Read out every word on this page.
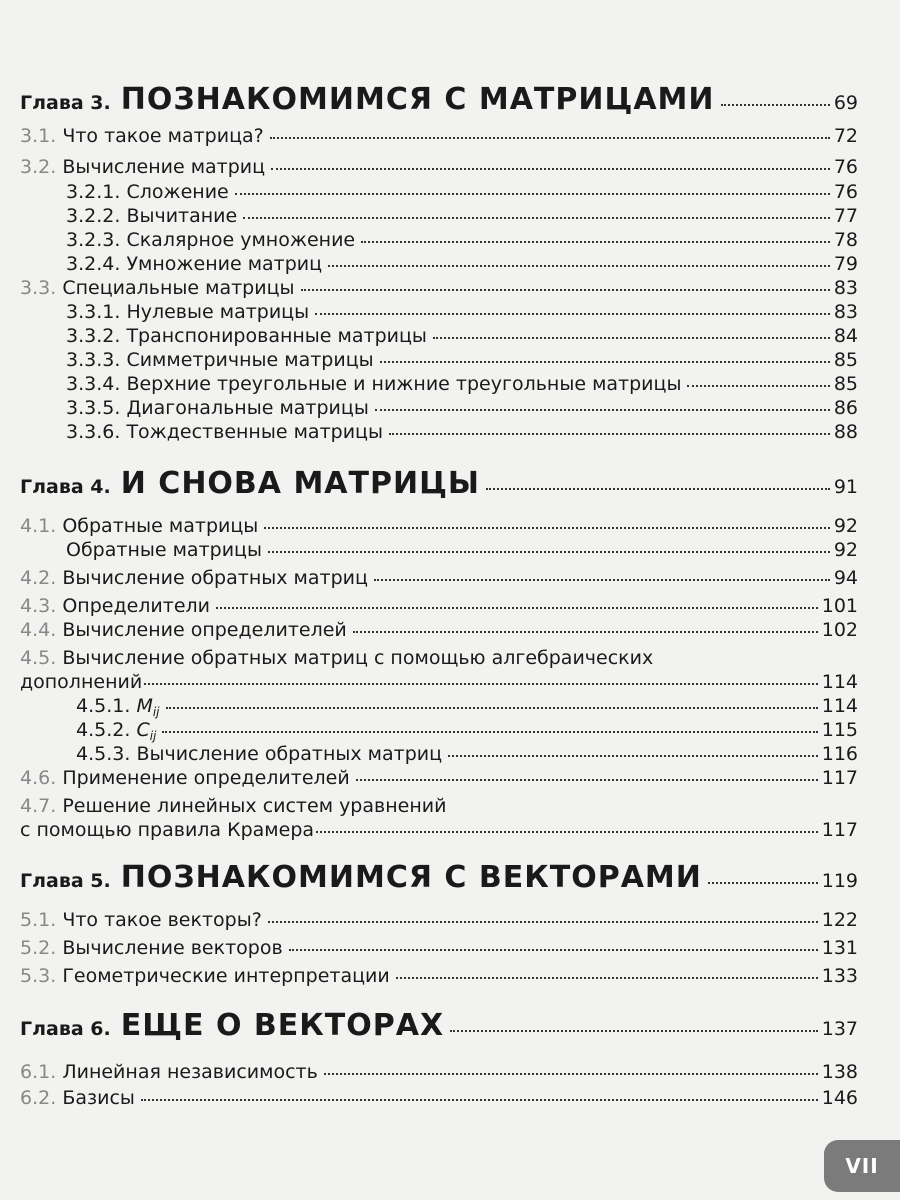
Глава 3. ПОЗНАКОМИМСЯ С МАТРИЦАМИ	69
3.1. Что такое матрица?	72
3.2. Вычисление матриц	76
3.2.1. Сложение	76
3.2.2. Вычитание	77
3.2.3. Скалярное умножение	78
3.2.4. Умножение матриц	79
3.3. Специальные матрицы	83
3.3.1. Нулевые матрицы	83
3.3.2. Транспонированные матрицы	84
3.3.3. Симметричные матрицы	85
3.3.4. Верхние треугольные и нижние треугольные матрицы	85
3.3.5. Диагональные матрицы	86
3.3.6. Тождественные матрицы	88
Глава 4. И СНОВА МАТРИЦЫ	91
4.1. Обратные матрицы	92
Обратные матрицы	92
4.2. Вычисление обратных матриц	94
4.3. Определители	101
4.4. Вычисление определителей	102
4.5. Вычисление обратных матриц с помощью алгебраических
дополнений	114
4.5.1. $M_{ij}$	114
4.5.2. $C_{ij}$	115
4.5.3. Вычисление обратных матриц	116
4.6. Применение определителей	117
4.7. Решение линейных систем уравнений
с помощью правила Крамера	117
Глава 5. ПОЗНАКОМИМСЯ С ВЕКТОРАМИ	119
5.1. Что такое векторы?	122
5.2. Вычисление векторов	131
5.3. Геометрические интерпретации	133
Глава 6. ЕЩЕ О ВЕКТОРАХ	137
6.1. Линейная независимость	138
6.2. Базисы	146
VII
